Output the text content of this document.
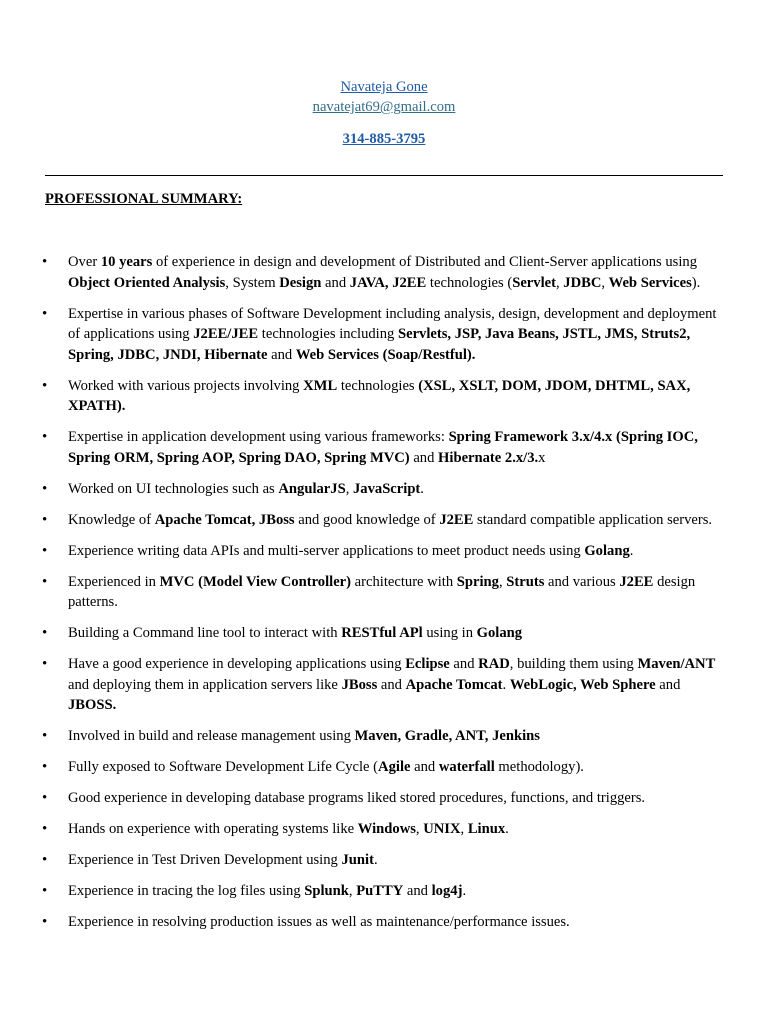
Navateja Gone
navatejat69@gmail.com
314-885-3795
PROFESSIONAL SUMMARY:
• Over 10 years of experience in design and development of Distributed and Client-Server applications using Object Oriented Analysis, System Design and JAVA, J2EE technologies (Servlet, JDBC, Web Services).
• Expertise in various phases of Software Development including analysis, design, development and deployment of applications using J2EE/JEE technologies including Servlets, JSP, Java Beans, JSTL, JMS, Struts2, Spring, JDBC, JNDI, Hibernate and Web Services (Soap/Restful).
• Worked with various projects involving XML technologies (XSL, XSLT, DOM, JDOM, DHTML, SAX, XPATH).
• Expertise in application development using various frameworks: Spring Framework 3.x/4.x (Spring IOC, Spring ORM, Spring AOP, Spring DAO, Spring MVC) and Hibernate 2.x/3.x
• Worked on UI technologies such as AngularJS, JavaScript.
• Knowledge of Apache Tomcat, JBoss and good knowledge of J2EE standard compatible application servers.
• Experience writing data APIs and multi-server applications to meet product needs using Golang.
• Experienced in MVC (Model View Controller) architecture with Spring, Struts and various J2EE design patterns.
• Building a Command line tool to interact with RESTful APl using in Golang
• Have a good experience in developing applications using Eclipse and RAD, building them using Maven/ANT and deploying them in application servers like JBoss and Apache Tomcat. WebLogic, Web Sphere and JBOSS.
• Involved in build and release management using Maven, Gradle, ANT, Jenkins
• Fully exposed to Software Development Life Cycle (Agile and waterfall methodology).
• Good experience in developing database programs liked stored procedures, functions, and triggers.
• Hands on experience with operating systems like Windows, UNIX, Linux.
• Experience in Test Driven Development using Junit.
• Experience in tracing the log files using Splunk, PuTTY and log4j.
• Experience in resolving production issues as well as maintenance/performance issues.
